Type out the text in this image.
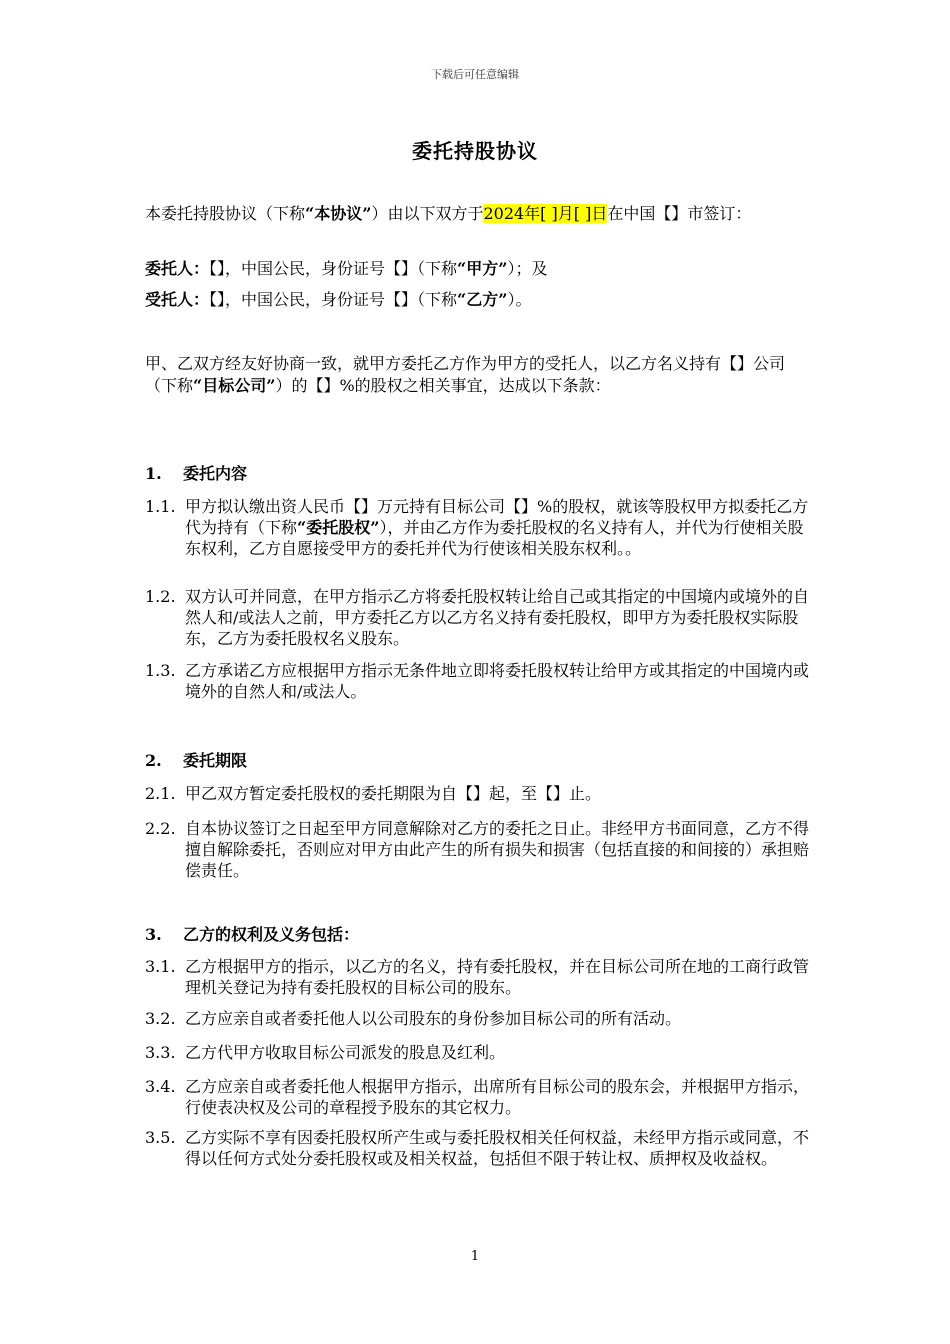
下载后可任意编辑
委托持股协议
本委托持股协议（下称“本协议”）由以下双方于2024年[ ]月[ ]日在中国【】市签订：
委托人：【】，中国公民，身份证号【】（下称“甲方”）；及
受托人：【】，中国公民，身份证号【】（下称“乙方”）。
甲、乙双方经友好协商一致，就甲方委托乙方作为甲方的受托人，以乙方名义持有【】公司（下称“目标公司”）的【】%的股权之相关事宜，达成以下条款：
1. 委托内容
1.1. 甲方拟认缴出资人民币【】万元持有目标公司【】%的股权，就该等股权甲方拟委托乙方代为持有（下称“委托股权”），并由乙方作为委托股权的名义持有人，并代为行使相关股东权利，乙方自愿接受甲方的委托并代为行使该相关股东权利。。
1.2. 双方认可并同意，在甲方指示乙方将委托股权转让给自己或其指定的中国境内或境外的自然人和/或法人之前，甲方委托乙方以乙方名义持有委托股权，即甲方为委托股权实际股东，乙方为委托股权名义股东。
1.3. 乙方承诺乙方应根据甲方指示无条件地立即将委托股权转让给甲方或其指定的中国境内或境外的自然人和/或法人。
2. 委托期限
2.1. 甲乙双方暂定委托股权的委托期限为自【】起，至【】止。
2.2. 自本协议签订之日起至甲方同意解除对乙方的委托之日止。非经甲方书面同意，乙方不得擅自解除委托，否则应对甲方由此产生的所有损失和损害（包括直接的和间接的）承担赔偿责任。
3. 乙方的权利及义务包括：
3.1. 乙方根据甲方的指示，以乙方的名义，持有委托股权，并在目标公司所在地的工商行政管理机关登记为持有委托股权的目标公司的股东。
3.2. 乙方应亲自或者委托他人以公司股东的身份参加目标公司的所有活动。
3.3. 乙方代甲方收取目标公司派发的股息及红利。
3.4. 乙方应亲自或者委托他人根据甲方指示，出席所有目标公司的股东会，并根据甲方指示，行使表决权及公司的章程授予股东的其它权力。
3.5. 乙方实际不享有因委托股权所产生或与委托股权相关任何权益，未经甲方指示或同意，不得以任何方式处分委托股权或及相关权益，包括但不限于转让权、质押权及收益权。
1
